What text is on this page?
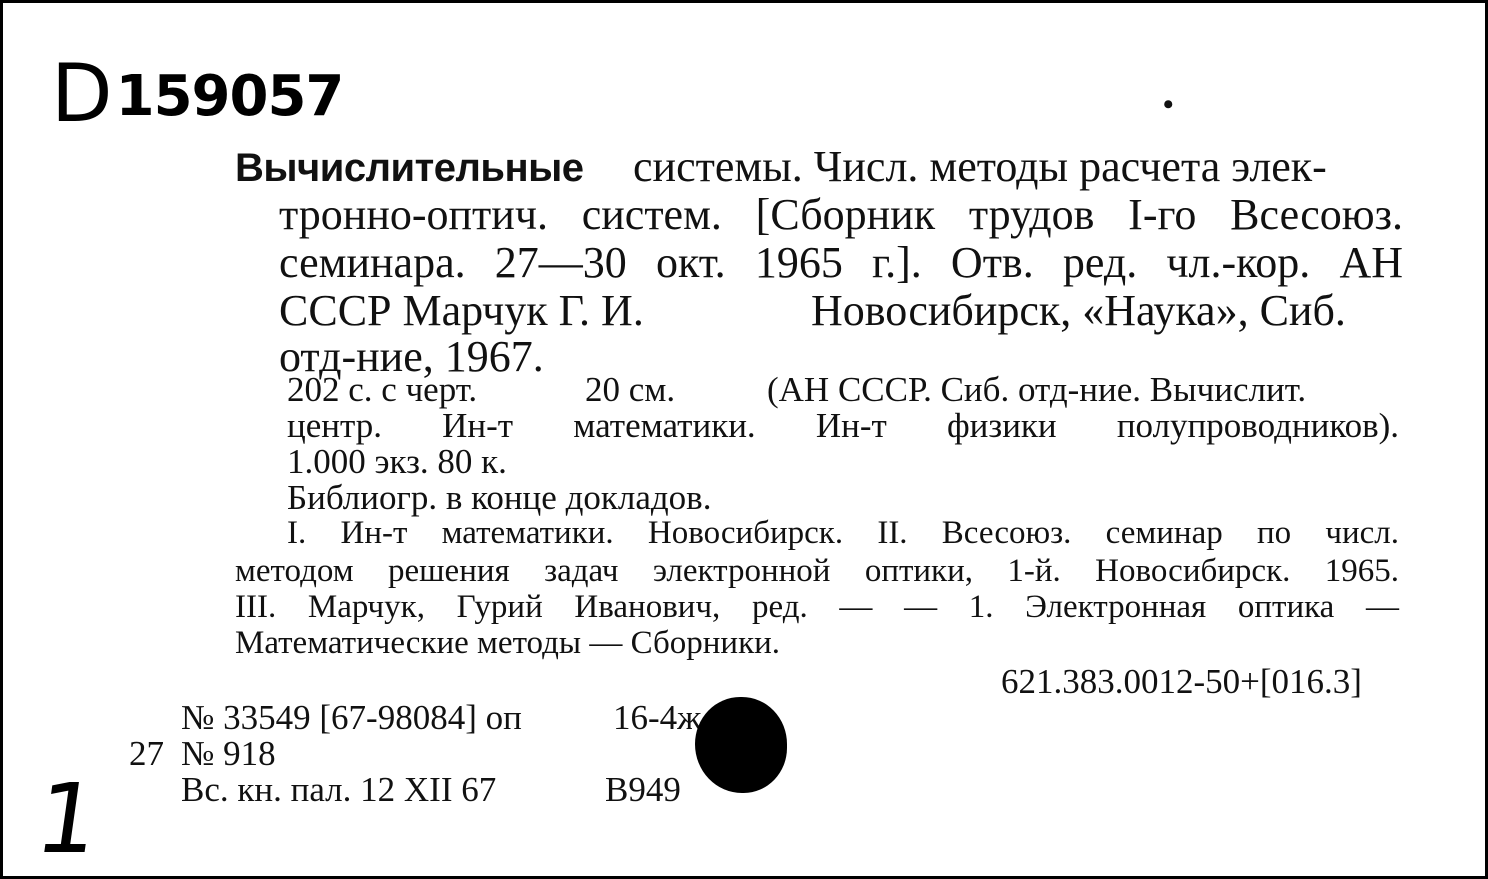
D159057	•
Вычислительные системы. Числ. методы расчета элек-
тронно-оптич. систем. [Сборник трудов I-го Всесоюз.
семинара. 27—30 окт. 1965 г.]. Отв. ред. чл.-кор. АН
СССР Марчук Г. И.	Новосибирск, «Наука», Сиб.
отд-ние, 1967.
202 с. с черт.	20 см.	(АН СССР. Сиб. отд-ние. Вычислит.
центр. Ин-т математики. Ин-т физики полупроводников).
1.000 экз. 80 к.
Библиогр. в конце докладов.
I. Ин-т математики. Новосибирск. II. Всесоюз. семинар по числ.
методом решения задач электронной оптики, 1-й. Новосибирск. 1965.
III. Марчук, Гурий Иванович, ред. — — 1. Электронная оптика —
Математические методы — Сборники.
621.383.0012-50+[016.3]
№ 33549 [67-98084] оп	16-4ж
27 № 918
Вс. кн. пал. 12 XII 67	В949
1
